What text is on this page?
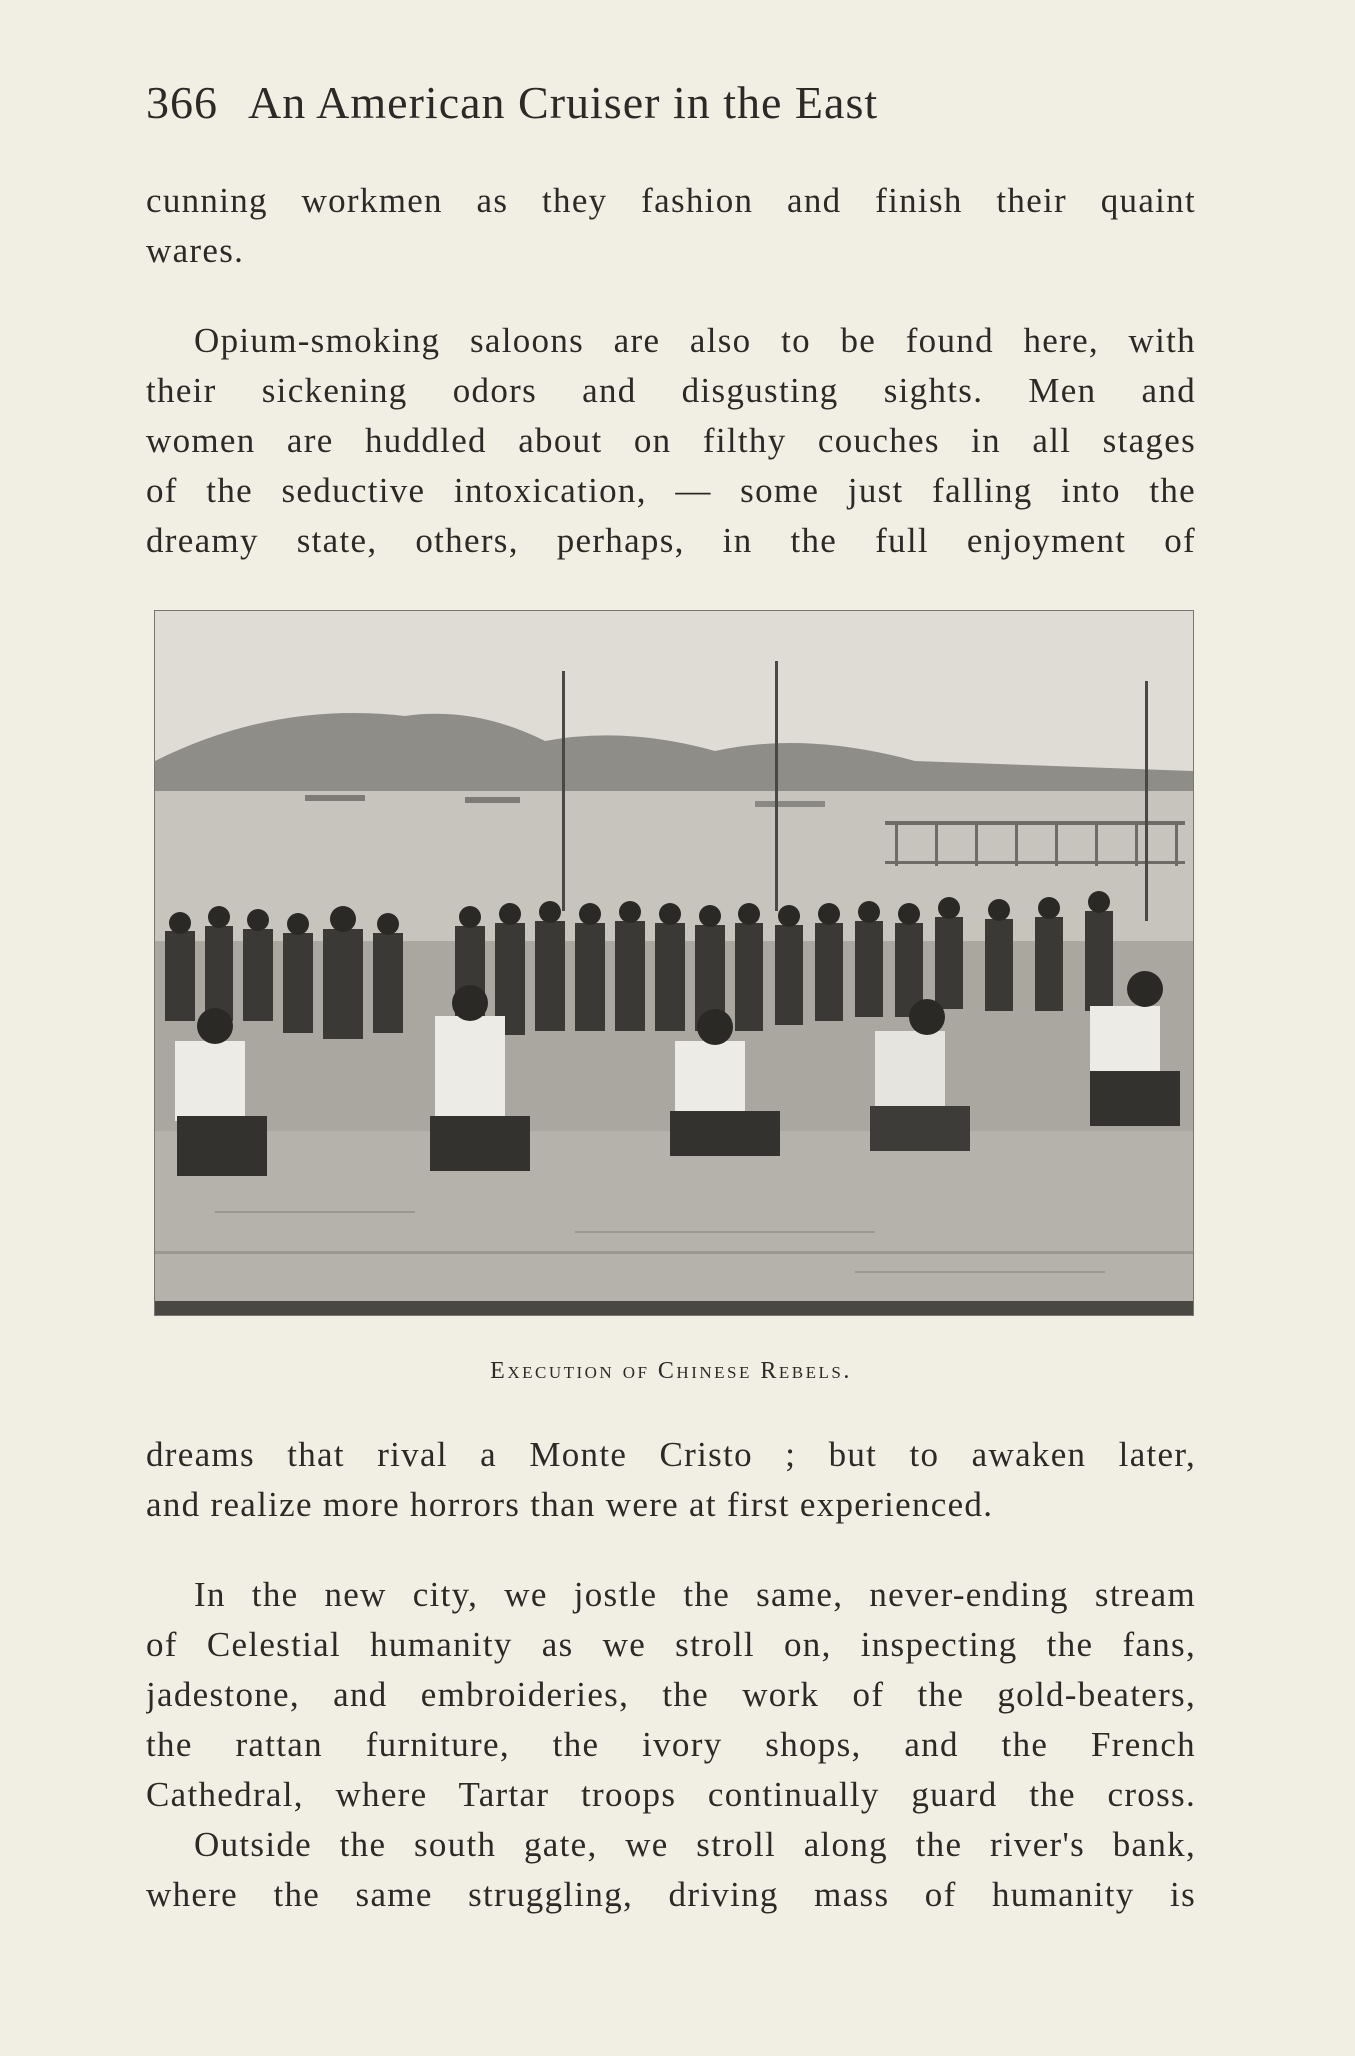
366 An American Cruiser in the East

cunning workmen as they fashion and finish their quaint
wares.

Opium-smoking saloons are also to be found here, with
their sickening odors and disgusting sights. Men and
women are huddled about on filthy couches in all stages
of the seductive intoxication, — some just falling into the
dreamy state, others, perhaps, in the full enjoyment of

Execution of Chinese Rebels.

dreams that rival a Monte Cristo ; but to awaken later,
and realize more horrors than were at first experienced.

In the new city, we jostle the same, never-ending stream
of Celestial humanity as we stroll on, inspecting the fans,
jadestone, and embroideries, the work of the gold-beaters,
the rattan furniture, the ivory shops, and the French
Cathedral, where Tartar troops continually guard the cross.
Outside the south gate, we stroll along the river's bank,
where the same struggling, driving mass of humanity is
